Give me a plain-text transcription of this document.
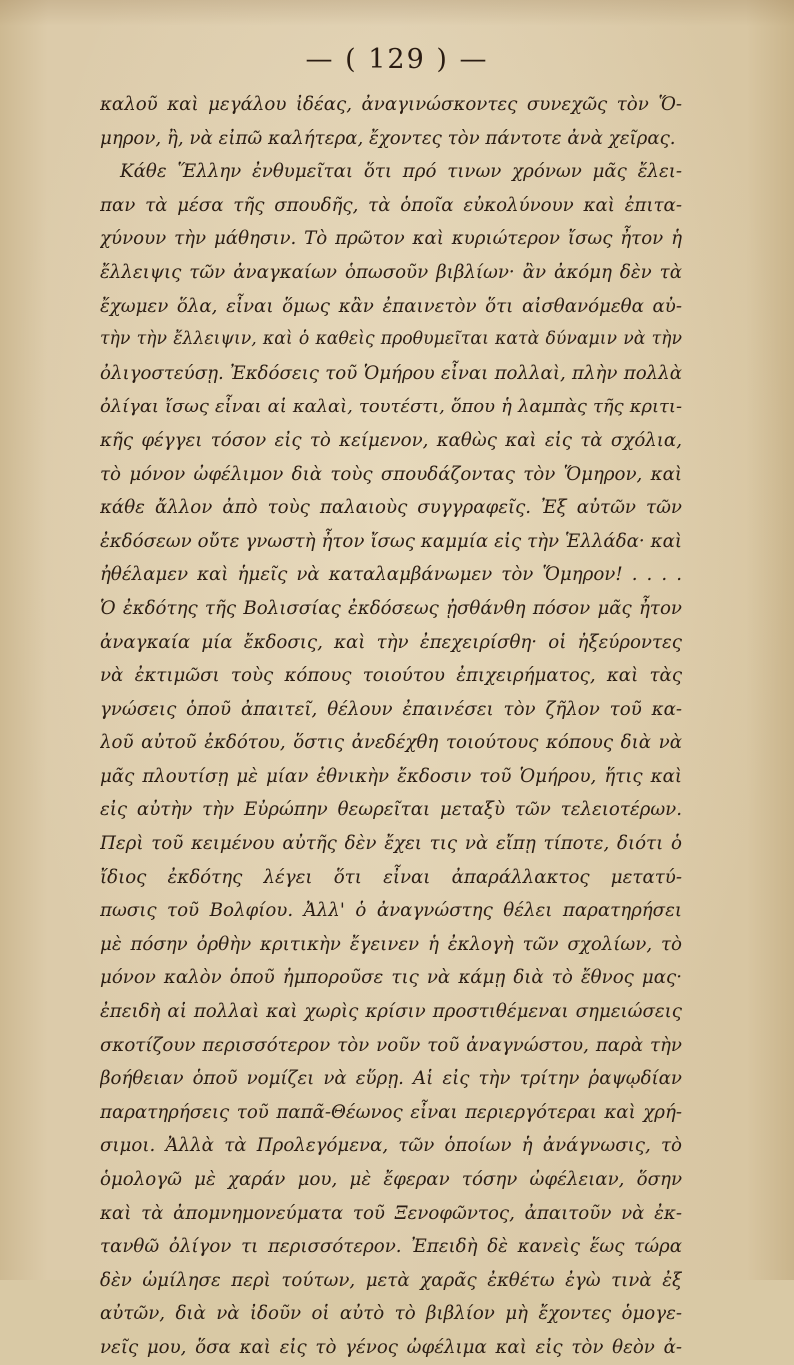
— ( 129 ) —
καλοῦ καὶ μεγάλου ἰδέας, ἀναγινώσκοντες συνεχῶς τὸν Ὅ-
μηρον, ἢ, νὰ εἰπῶ καλήτερα, ἔχοντες τὸν πάντοτε ἀνὰ χεῖρας.
Κάθε Ἕλλην ἐνθυμεῖται ὅτι πρό τινων χρόνων μᾶς ἔλει-
παν τὰ μέσα τῆς σπουδῆς, τὰ ὁποῖα εὐκολύνουν καὶ ἐπιτα-
χύνουν τὴν μάθησιν. Τὸ πρῶτον καὶ κυριώτερον ἴσως ἦτον ἡ
ἔλλειψις τῶν ἀναγκαίων ὁπωσοῦν βιβλίων· ἂν ἀκόμη δὲν τὰ
ἔχωμεν ὅλα, εἶναι ὅμως κἂν ἐπαινετὸν ὅτι αἰσθανόμεθα αὐ-
τὴν τὴν ἔλλειψιν, καὶ ὁ καθεὶς προθυμεῖται κατὰ δύναμιν νὰ τὴν
ὀλιγοστεύσῃ. Ἐκδόσεις τοῦ Ὁμήρου εἶναι πολλαὶ, πλὴν πολλὰ
ὀλίγαι ἴσως εἶναι αἱ καλαὶ, τουτέστι, ὅπου ἡ λαμπὰς τῆς κριτι-
κῆς φέγγει τόσον εἰς τὸ κείμενον, καθὼς καὶ εἰς τὰ σχόλια,
τὸ μόνον ὠφέλιμον διὰ τοὺς σπουδάζοντας τὸν Ὅμηρον, καὶ
κάθε ἄλλον ἀπὸ τοὺς παλαιοὺς συγγραφεῖς. Ἐξ αὐτῶν τῶν
ἐκδόσεων οὔτε γνωστὴ ἦτον ἴσως καμμία εἰς τὴν Ἑλλάδα· καὶ
ἠθέλαμεν καὶ ἡμεῖς νὰ καταλαμβάνωμεν τὸν Ὅμηρον! . . . .
Ὁ ἐκδότης τῆς Βολισσίας ἐκδόσεως ᾐσθάνθη πόσον μᾶς ἦτον
ἀναγκαία μία ἔκδοσις, καὶ τὴν ἐπεχειρίσθη· οἱ ἠξεύροντες
νὰ ἐκτιμῶσι τοὺς κόπους τοιούτου ἐπιχειρήματος, καὶ τὰς
γνώσεις ὁποῦ ἀπαιτεῖ, θέλουν ἐπαινέσει τὸν ζῆλον τοῦ κα-
λοῦ αὐτοῦ ἐκδότου, ὅστις ἀνεδέχθη τοιούτους κόπους διὰ νὰ
μᾶς πλουτίσῃ μὲ μίαν ἐθνικὴν ἔκδοσιν τοῦ Ὁμήρου, ἥτις καὶ
εἰς αὐτὴν τὴν Εὐρώπην θεωρεῖται μεταξὺ τῶν τελειοτέρων.
Περὶ τοῦ κειμένου αὐτῆς δὲν ἔχει τις νὰ εἴπῃ τίποτε, διότι ὁ
ἴδιος ἐκδότης λέγει ὅτι εἶναι ἀπαράλλακτος μετατύ-
πωσις τοῦ Βολφίου. Ἀλλ' ὁ ἀναγνώστης θέλει παρατηρήσει
μὲ πόσην ὀρθὴν κριτικὴν ἔγεινεν ἡ ἐκλογὴ τῶν σχολίων, τὸ
μόνον καλὸν ὁποῦ ἠμποροῦσε τις νὰ κάμῃ διὰ τὸ ἔθνος μας·
ἐπειδὴ αἱ πολλαὶ καὶ χωρὶς κρίσιν προστιθέμεναι σημειώσεις
σκοτίζουν περισσότερον τὸν νοῦν τοῦ ἀναγνώστου, παρὰ τὴν
βοήθειαν ὁποῦ νομίζει νὰ εὕρῃ. Αἱ εἰς τὴν τρίτην ῥαψῳδίαν
παρατηρήσεις τοῦ παπᾶ-Θέωνος εἶναι περιεργότεραι καὶ χρή-
σιμοι. Ἀλλὰ τὰ Προλεγόμενα, τῶν ὁποίων ἡ ἀνάγνωσις, τὸ
ὁμολογῶ μὲ χαράν μου, μὲ ἔφεραν τόσην ὠφέλειαν, ὅσην
καὶ τὰ ἀπομνημονεύματα τοῦ Ξενοφῶντος, ἀπαιτοῦν νὰ ἐκ-
τανθῶ ὀλίγον τι περισσότερον. Ἐπειδὴ δὲ κανεὶς ἕως τώρα
δὲν ὡμίλησε περὶ τούτων, μετὰ χαρᾶς ἐκθέτω ἐγὼ τινὰ ἐξ
αὐτῶν, διὰ νὰ ἰδοῦν οἱ αὐτὸ τὸ βιβλίον μὴ ἔχοντες ὁμογε-
νεῖς μου, ὅσα καὶ εἰς τὸ γένος ὠφέλιμα καὶ εἰς τὸν θεὸν ἀ-
